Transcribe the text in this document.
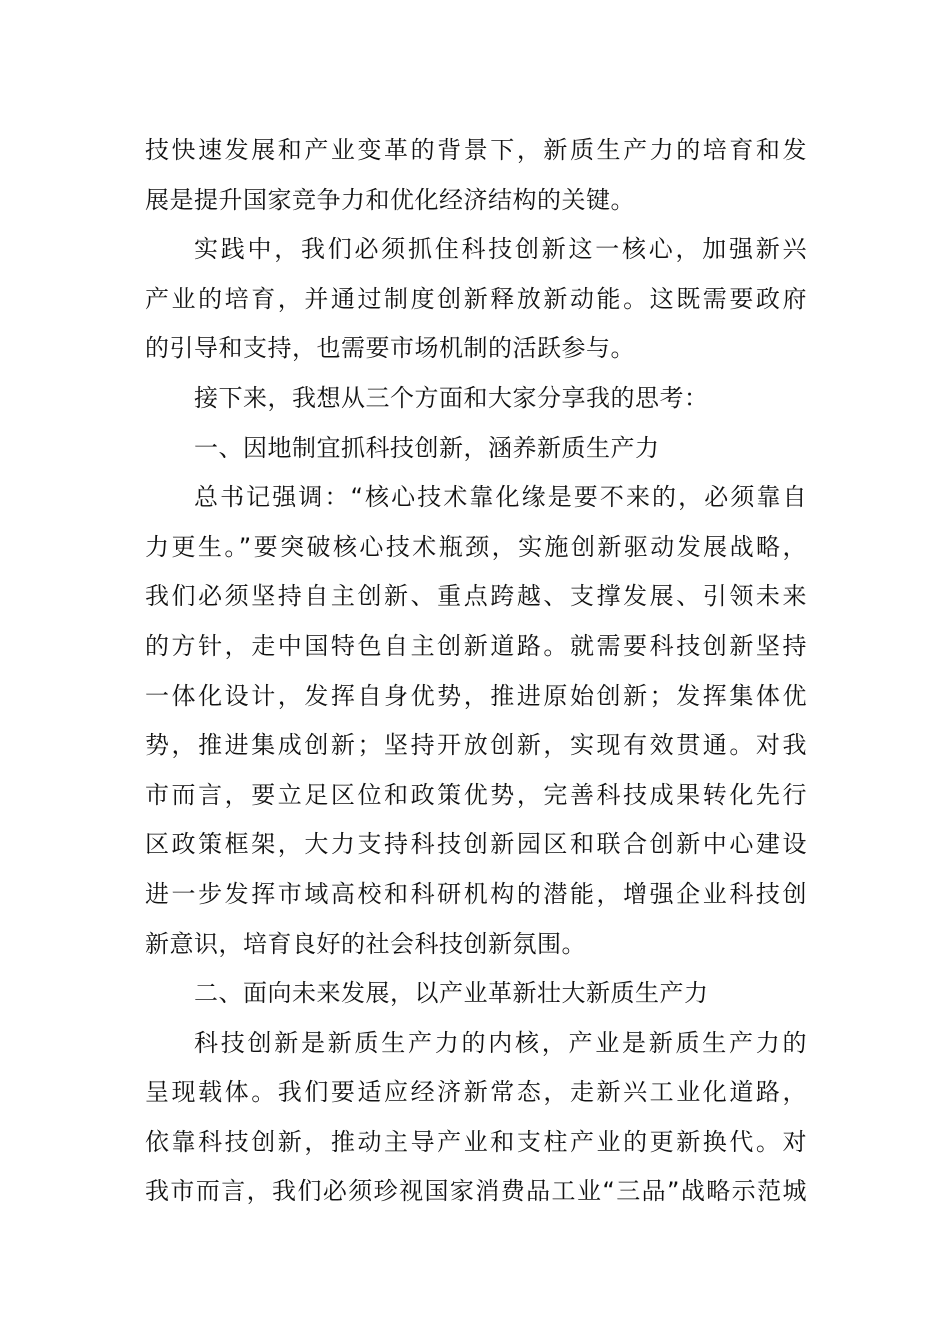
技快速发展和产业变革的背景下，新质生产力的培育和发
展是提升国家竞争力和优化经济结构的关键。
实践中，我们必须抓住科技创新这一核心，加强新兴
产业的培育，并通过制度创新释放新动能。这既需要政府
的引导和支持，也需要市场机制的活跃参与。
接下来，我想从三个方面和大家分享我的思考：
一、因地制宜抓科技创新，涵养新质生产力
总书记强调：“核心技术靠化缘是要不来的，必须靠自
力更生。”要突破核心技术瓶颈，实施创新驱动发展战略，
我们必须坚持自主创新、重点跨越、支撑发展、引领未来
的方针，走中国特色自主创新道路。就需要科技创新坚持
一体化设计，发挥自身优势，推进原始创新；发挥集体优
势，推进集成创新；坚持开放创新，实现有效贯通。对我
市而言，要立足区位和政策优势，完善科技成果转化先行
区政策框架，大力支持科技创新园区和联合创新中心建设
进一步发挥市域高校和科研机构的潜能，增强企业科技创
新意识，培育良好的社会科技创新氛围。
二、面向未来发展，以产业革新壮大新质生产力
科技创新是新质生产力的内核，产业是新质生产力的
呈现载体。我们要适应经济新常态，走新兴工业化道路，
依靠科技创新，推动主导产业和支柱产业的更新换代。对
我市而言，我们必须珍视国家消费品工业“三品”战略示范城
